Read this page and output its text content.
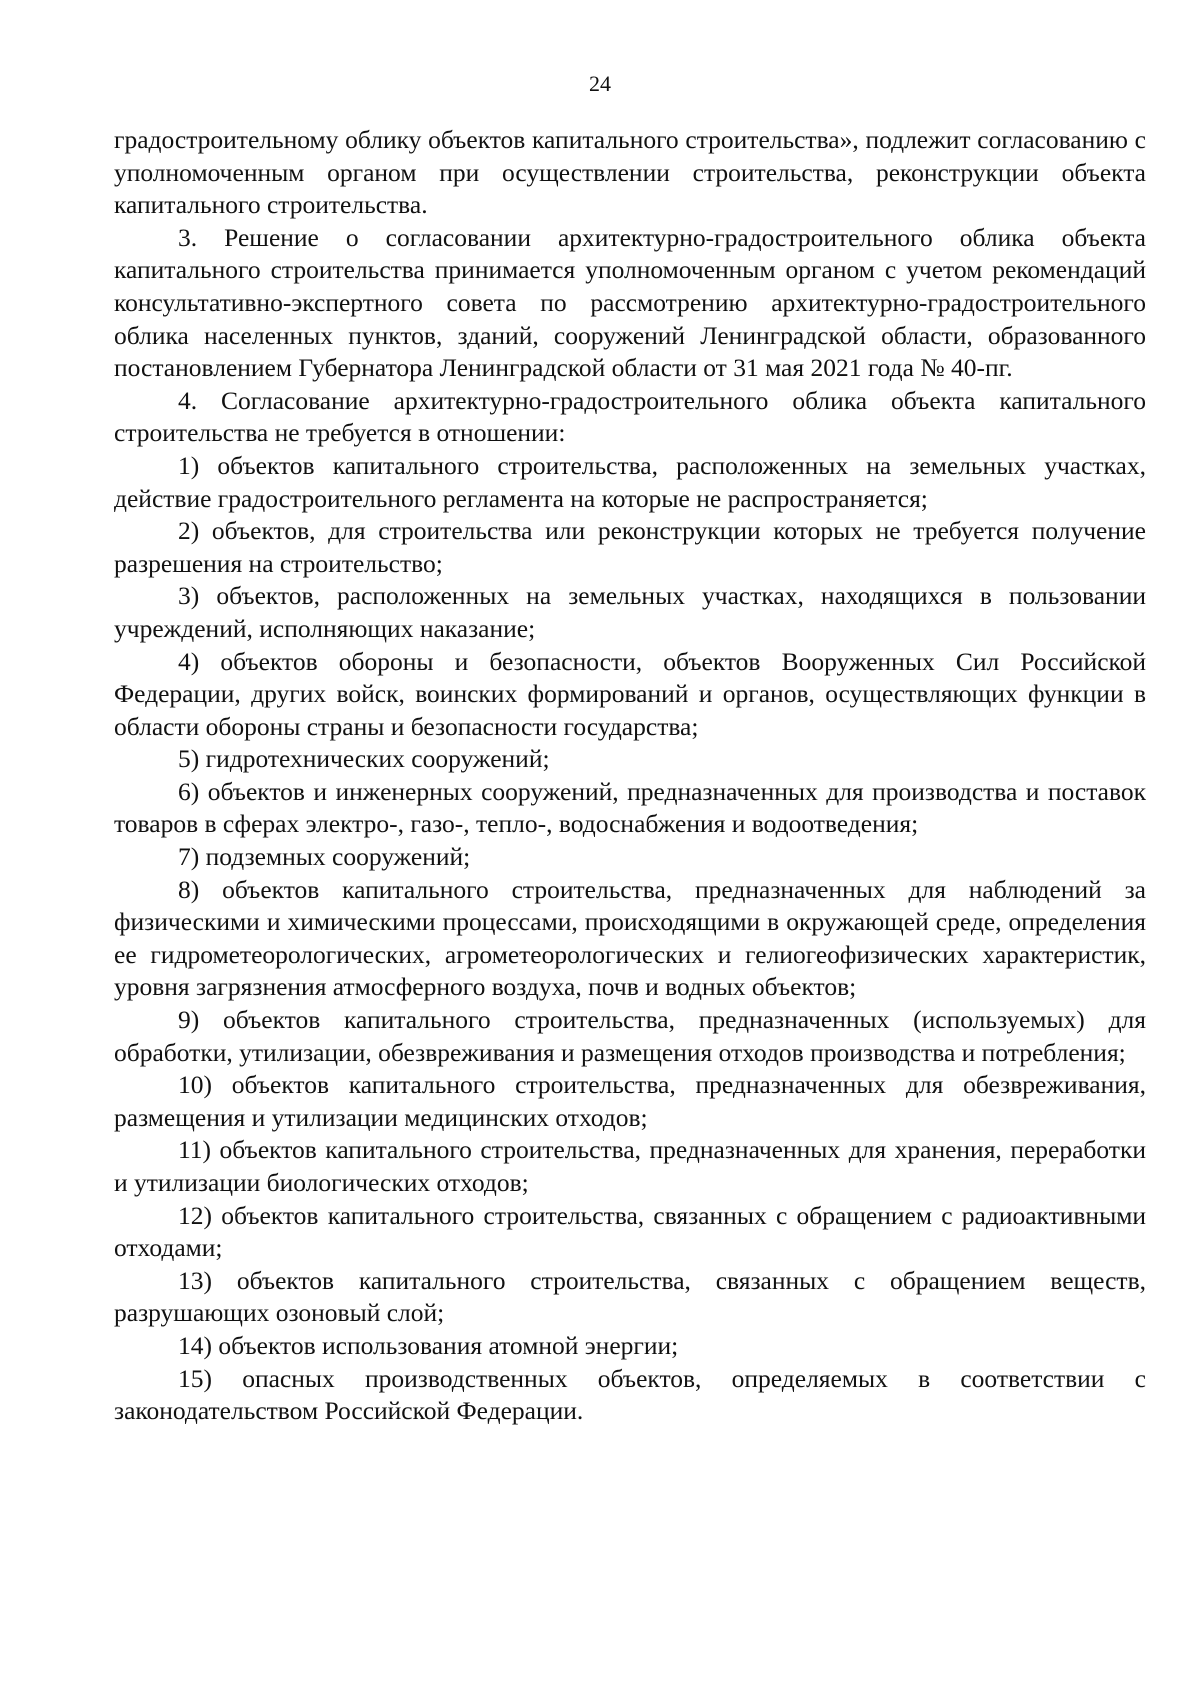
24

градостроительному облику объектов капитального строительства», подлежит согласованию с уполномоченным органом при осуществлении строительства, реконструкции объекта капитального строительства.

3. Решение о согласовании архитектурно-градостроительного облика объекта капитального строительства принимается уполномоченным органом с учетом рекомендаций консультативно-экспертного совета по рассмотрению архитектурно-градостроительного облика населенных пунктов, зданий, сооружений Ленинградской области, образованного постановлением Губернатора Ленинградской области от 31 мая 2021 года № 40-пг.

4. Согласование архитектурно-градостроительного облика объекта капитального строительства не требуется в отношении:

1) объектов капитального строительства, расположенных на земельных участках, действие градостроительного регламента на которые не распространяется;

2) объектов, для строительства или реконструкции которых не требуется получение разрешения на строительство;

3) объектов, расположенных на земельных участках, находящихся в пользовании учреждений, исполняющих наказание;

4) объектов обороны и безопасности, объектов Вооруженных Сил Российской Федерации, других войск, воинских формирований и органов, осуществляющих функции в области обороны страны и безопасности государства;

5) гидротехнических сооружений;

6) объектов и инженерных сооружений, предназначенных для производства и поставок товаров в сферах электро-, газо-, тепло-, водоснабжения и водоотведения;

7) подземных сооружений;

8) объектов капитального строительства, предназначенных для наблюдений за физическими и химическими процессами, происходящими в окружающей среде, определения ее гидрометеорологических, агрометеорологических и гелиогеофизических характеристик, уровня загрязнения атмосферного воздуха, почв и водных объектов;

9) объектов капитального строительства, предназначенных (используемых) для обработки, утилизации, обезвреживания и размещения отходов производства и потребления;

10) объектов капитального строительства, предназначенных для обезвреживания, размещения и утилизации медицинских отходов;

11) объектов капитального строительства, предназначенных для хранения, переработки и утилизации биологических отходов;

12) объектов капитального строительства, связанных с обращением с радиоактивными отходами;

13) объектов капитального строительства, связанных с обращением веществ, разрушающих озоновый слой;

14) объектов использования атомной энергии;

15) опасных производственных объектов, определяемых в соответствии с законодательством Российской Федерации.
